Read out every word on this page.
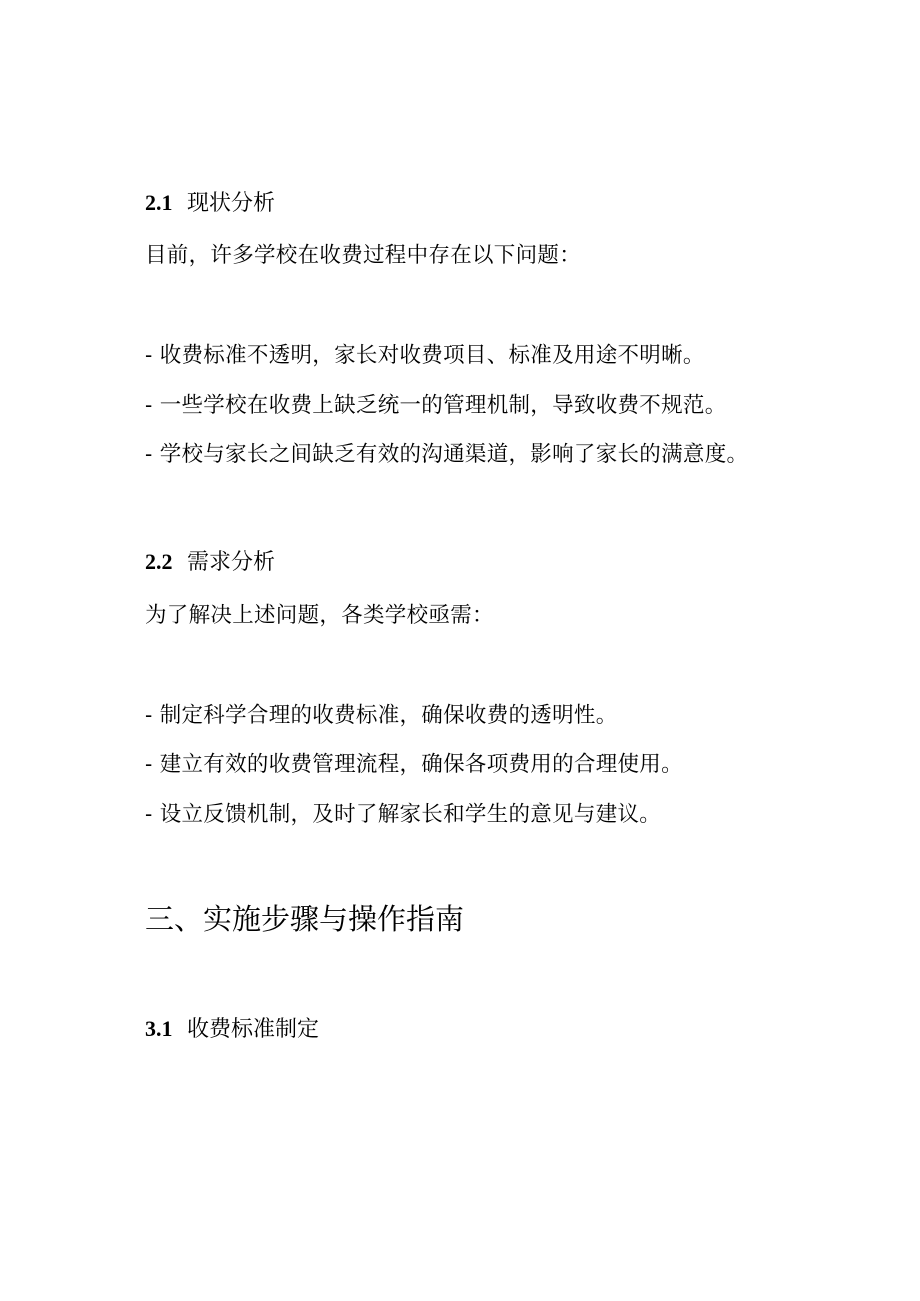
2.1 现状分析
目前，许多学校在收费过程中存在以下问题：
- 收费标准不透明，家长对收费项目、标准及用途不明晰。
- 一些学校在收费上缺乏统一的管理机制，导致收费不规范。
- 学校与家长之间缺乏有效的沟通渠道，影响了家长的满意度。
2.2 需求分析
为了解决上述问题，各类学校亟需：
- 制定科学合理的收费标准，确保收费的透明性。
- 建立有效的收费管理流程，确保各项费用的合理使用。
- 设立反馈机制，及时了解家长和学生的意见与建议。
三、实施步骤与操作指南
3.1 收费标准制定
